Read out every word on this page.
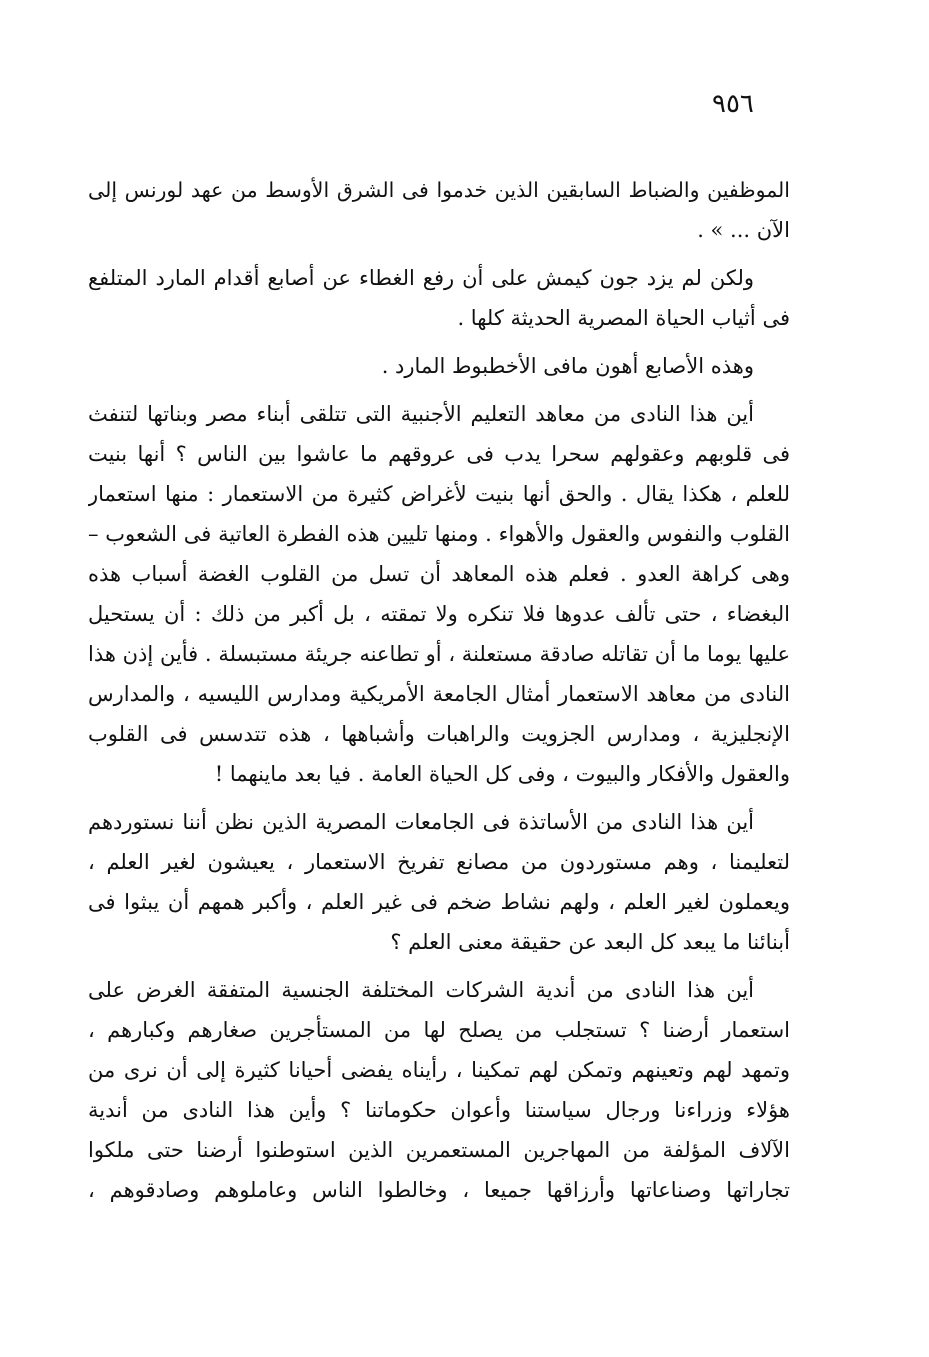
٩٥٦
الموظفين والضباط السابقين الذين خدموا فى الشرق الأوسط من عهد لورنس إلى
الآن ... » .
ولكن لم يزد جون كيمش على أن رفع الغطاء عن أصابع أقدام المارد المتلفع
فى أثياب الحياة المصرية الحديثة كلها .
وهذه الأصابع أهون مافى الأخطبوط المارد .
أين هذا النادى من معاهد التعليم الأجنبية التى تتلقى أبناء مصر وبناتها لتنفث
فى قلوبهم وعقولهم سحرا يدب فى عروقهم ما عاشوا بين الناس ؟ أنها بنيت
للعلم ، هكذا يقال . والحق أنها بنيت لأغراض كثيرة من الاستعمار : منها استعمار
القلوب والنفوس والعقول والأهواء . ومنها تليين هذه الفطرة العاتية فى الشعوب –
وهى كراهة العدو . فعلم هذه المعاهد أن تسل من القلوب الغضة أسباب هذه
البغضاء ، حتى تألف عدوها فلا تنكره ولا تمقته ، بل أكبر من ذلك : أن يستحيل
عليها يوما ما أن تقاتله صادقة مستعلنة ، أو تطاعنه جريئة مستبسلة . فأين إذن هذا
النادى من معاهد الاستعمار أمثال الجامعة الأمريكية ومدارس الليسيه ، والمدارس
الإنجليزية ، ومدارس الجزويت والراهبات وأشباهها ، هذه تتدسس فى القلوب
والعقول والأفكار والبيوت ، وفى كل الحياة العامة . فيا بعد ماينهما !
أين هذا النادى من الأساتذة فى الجامعات المصرية الذين نظن أننا نستوردهم
لتعليمنا ، وهم مستوردون من مصانع تفريخ الاستعمار ، يعيشون لغير العلم ،
ويعملون لغير العلم ، ولهم نشاط ضخم فى غير العلم ، وأكبر همهم أن يبثوا فى
أبنائنا ما يبعد كل البعد عن حقيقة معنى العلم ؟
أين هذا النادى من أندية الشركات المختلفة الجنسية المتفقة الغرض على
استعمار أرضنا ؟ تستجلب من يصلح لها من المستأجرين صغارهم وكبارهم ،
وتمهد لهم وتعينهم وتمكن لهم تمكينا ، رأيناه يفضى أحيانا كثيرة إلى أن نرى من
هؤلاء وزراءنا ورجال سياستنا وأعوان حكوماتنا ؟ وأين هذا النادى من أندية
الآلاف المؤلفة من المهاجرين المستعمرين الذين استوطنوا أرضنا حتى ملكوا
تجاراتها وصناعاتها وأرزاقها جميعا ، وخالطوا الناس وعاملوهم وصادقوهم ،
